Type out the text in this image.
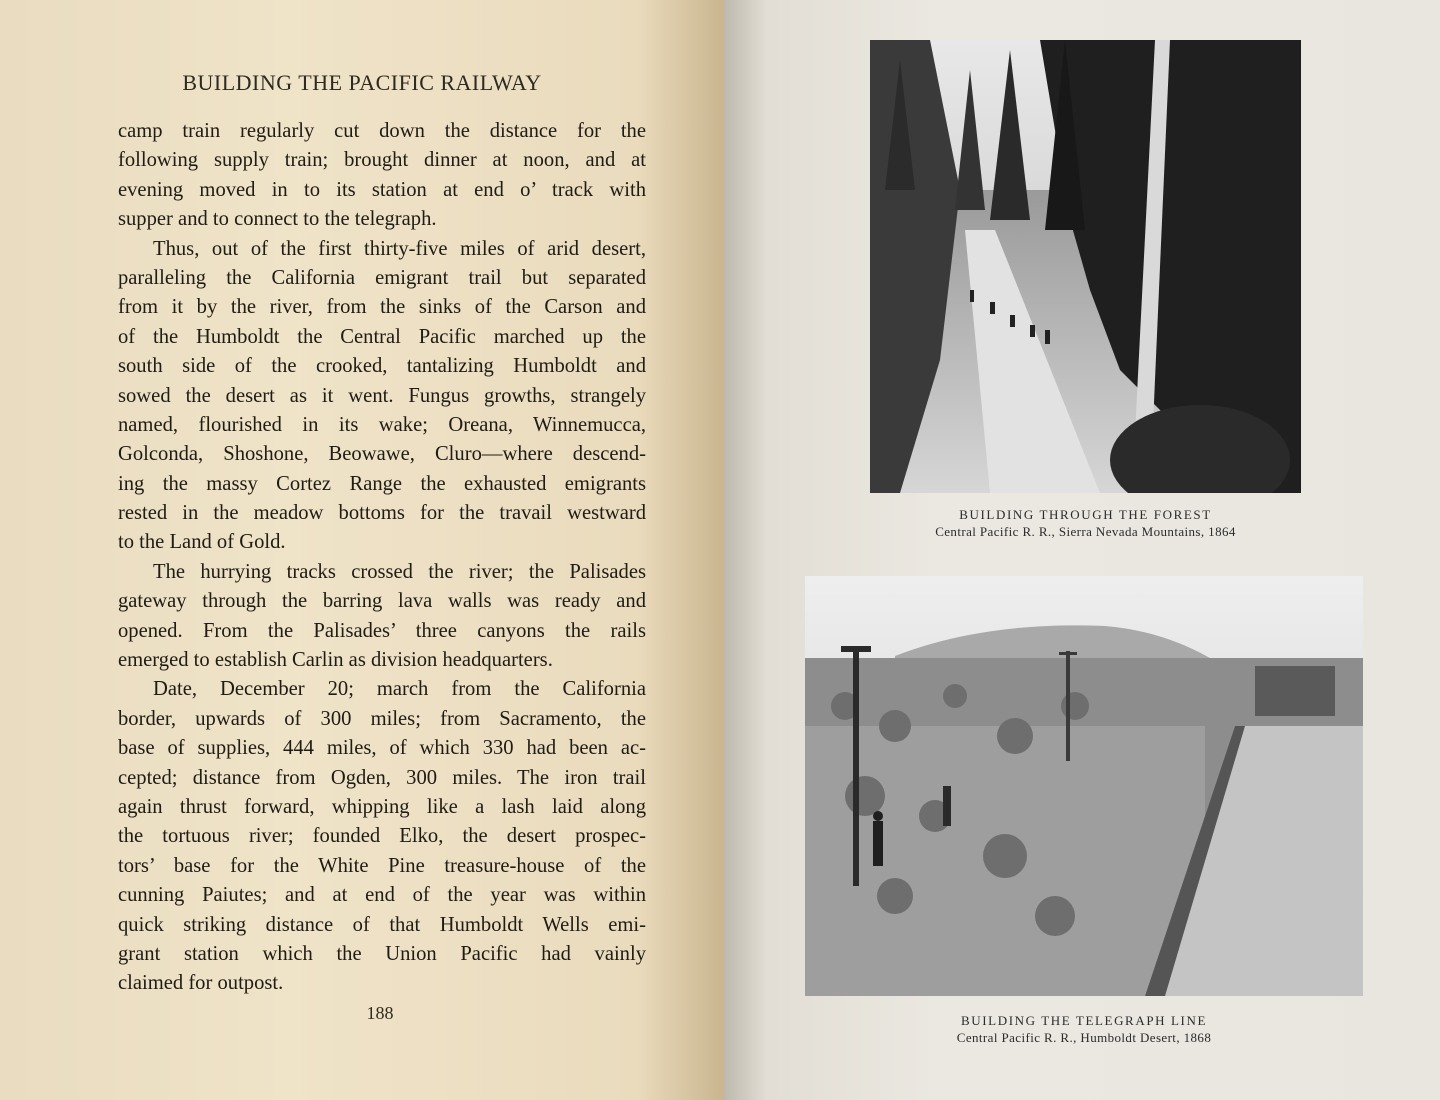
BUILDING THE PACIFIC RAILWAY
camp train regularly cut down the distance for the
following supply train; brought dinner at noon, and at
evening moved in to its station at end o’ track with
supper and to connect to the telegraph.
Thus, out of the first thirty-five miles of arid desert,
paralleling the California emigrant trail but separated
from it by the river, from the sinks of the Carson and
of the Humboldt the Central Pacific marched up the
south side of the crooked, tantalizing Humboldt and
sowed the desert as it went. Fungus growths, strangely
named, flourished in its wake; Oreana, Winnemucca,
Golconda, Shoshone, Beowawe, Cluro—where descend-
ing the massy Cortez Range the exhausted emigrants
rested in the meadow bottoms for the travail westward
to the Land of Gold.
The hurrying tracks crossed the river; the Palisades
gateway through the barring lava walls was ready and
opened. From the Palisades’ three canyons the rails
emerged to establish Carlin as division headquarters.
Date, December 20; march from the California
border, upwards of 300 miles; from Sacramento, the
base of supplies, 444 miles, of which 330 had been ac-
cepted; distance from Ogden, 300 miles. The iron trail
again thrust forward, whipping like a lash laid along
the tortuous river; founded Elko, the desert prospec-
tors’ base for the White Pine treasure-house of the
cunning Paiutes; and at end of the year was within
quick striking distance of that Humboldt Wells emi-
grant station which the Union Pacific had vainly
claimed for outpost.
188
BUILDING THROUGH THE FOREST
Central Pacific R. R., Sierra Nevada Mountains, 1864
BUILDING THE TELEGRAPH LINE
Central Pacific R. R., Humboldt Desert, 1868
